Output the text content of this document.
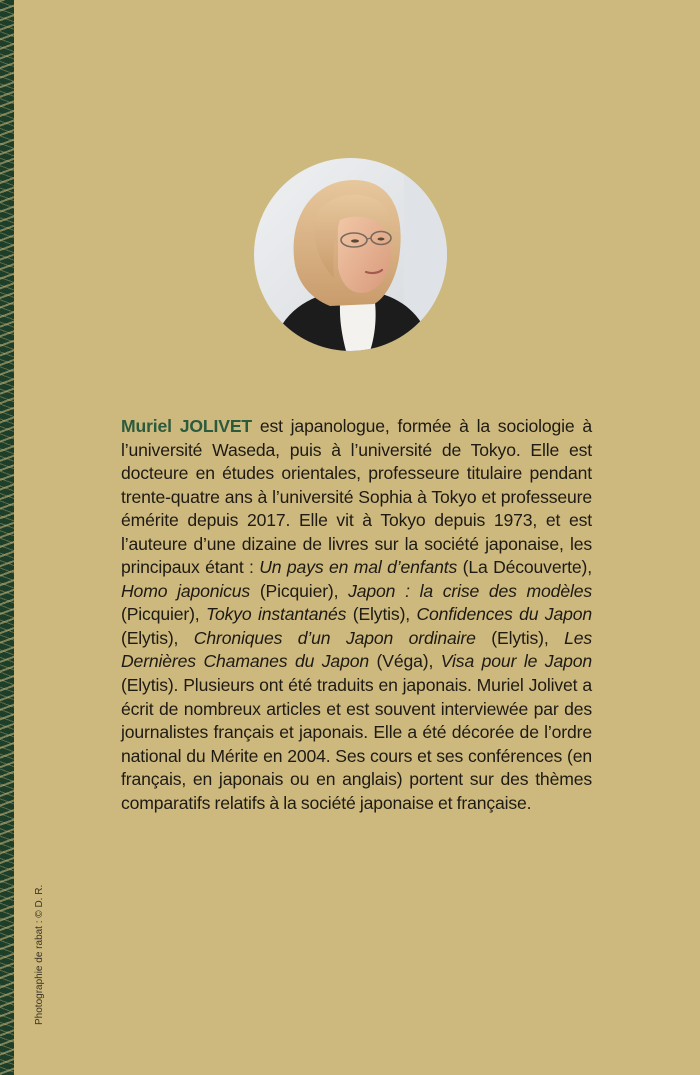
Muriel JOLIVET est japanologue, formée à la sociologie à l’université Waseda, puis à l’université de Tokyo. Elle est docteure en études orientales, professeure titulaire pendant trente-quatre ans à l’université Sophia à Tokyo et professeure émérite depuis 2017. Elle vit à Tokyo depuis 1973, et est l’auteure d’une dizaine de livres sur la société japonaise, les principaux étant : Un pays en mal d’enfants (La Découverte), Homo japonicus (Picquier), Japon : la crise des modèles (Picquier), Tokyo instantanés (Elytis), Confidences du Japon (Elytis), Chroniques d’un Japon ordinaire (Elytis), Les Dernières Chamanes du Japon (Véga), Visa pour le Japon (Elytis). Plusieurs ont été traduits en japonais. Muriel Jolivet a écrit de nombreux articles et est souvent interviewée par des journalistes français et japonais. Elle a été décorée de l’ordre national du Mérite en 2004. Ses cours et ses conférences (en français, en japonais ou en anglais) portent sur des thèmes comparatifs relatifs à la société japonaise et française.

Photographie de rabat : © D. R.
